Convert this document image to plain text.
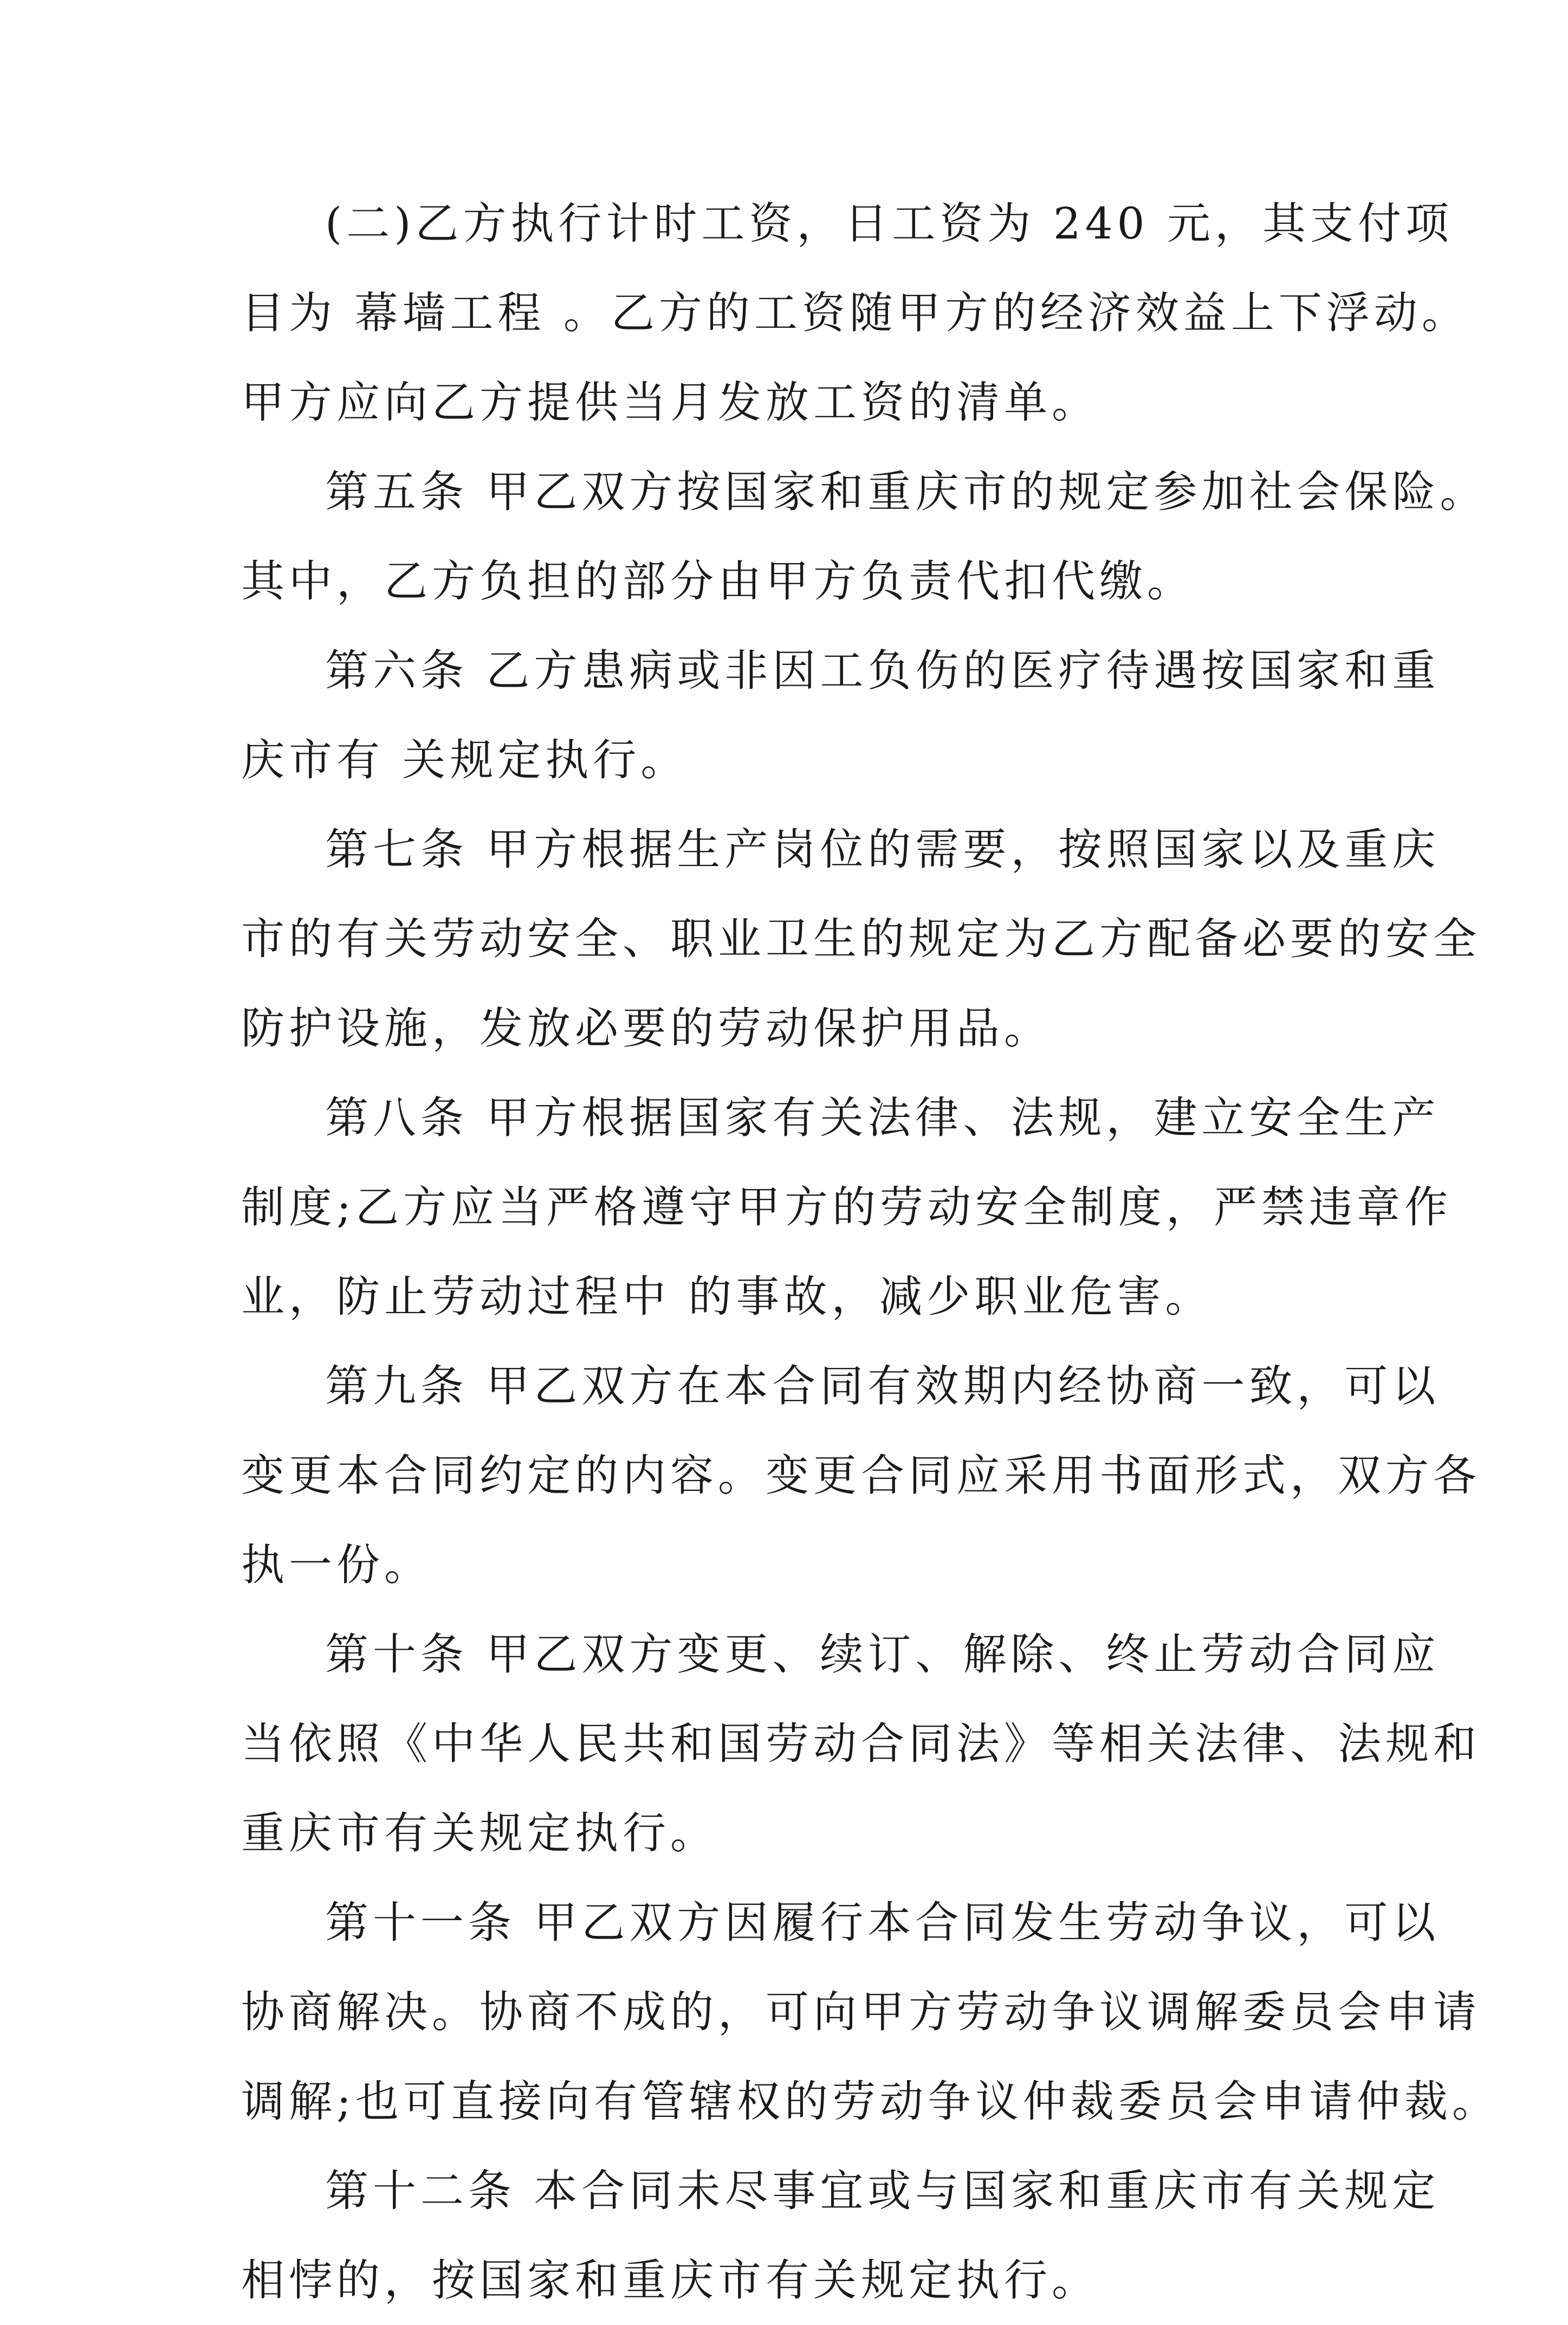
(二)乙方执行计时工资，日工资为 240 元，其支付项
目为 幕墙工程 。乙方的工资随甲方的经济效益上下浮动。
甲方应向乙方提供当月发放工资的清单。
第五条 甲乙双方按国家和重庆市的规定参加社会保险。
其中，乙方负担的部分由甲方负责代扣代缴。
第六条 乙方患病或非因工负伤的医疗待遇按国家和重
庆市有 关规定执行。
第七条 甲方根据生产岗位的需要，按照国家以及重庆
市的有关劳动安全、职业卫生的规定为乙方配备必要的安全
防护设施，发放必要的劳动保护用品。
第八条 甲方根据国家有关法律、法规，建立安全生产
制度;乙方应当严格遵守甲方的劳动安全制度，严禁违章作
业，防止劳动过程中 的事故，减少职业危害。
第九条 甲乙双方在本合同有效期内经协商一致，可以
变更本合同约定的内容。变更合同应采用书面形式，双方各
执一份。
第十条 甲乙双方变更、续订、解除、终止劳动合同应
当依照《中华人民共和国劳动合同法》等相关法律、法规和
重庆市有关规定执行。
第十一条 甲乙双方因履行本合同发生劳动争议，可以
协商解决。协商不成的，可向甲方劳动争议调解委员会申请
调解;也可直接向有管辖权的劳动争议仲裁委员会申请仲裁。
第十二条 本合同未尽事宜或与国家和重庆市有关规定
相悖的，按国家和重庆市有关规定执行。
